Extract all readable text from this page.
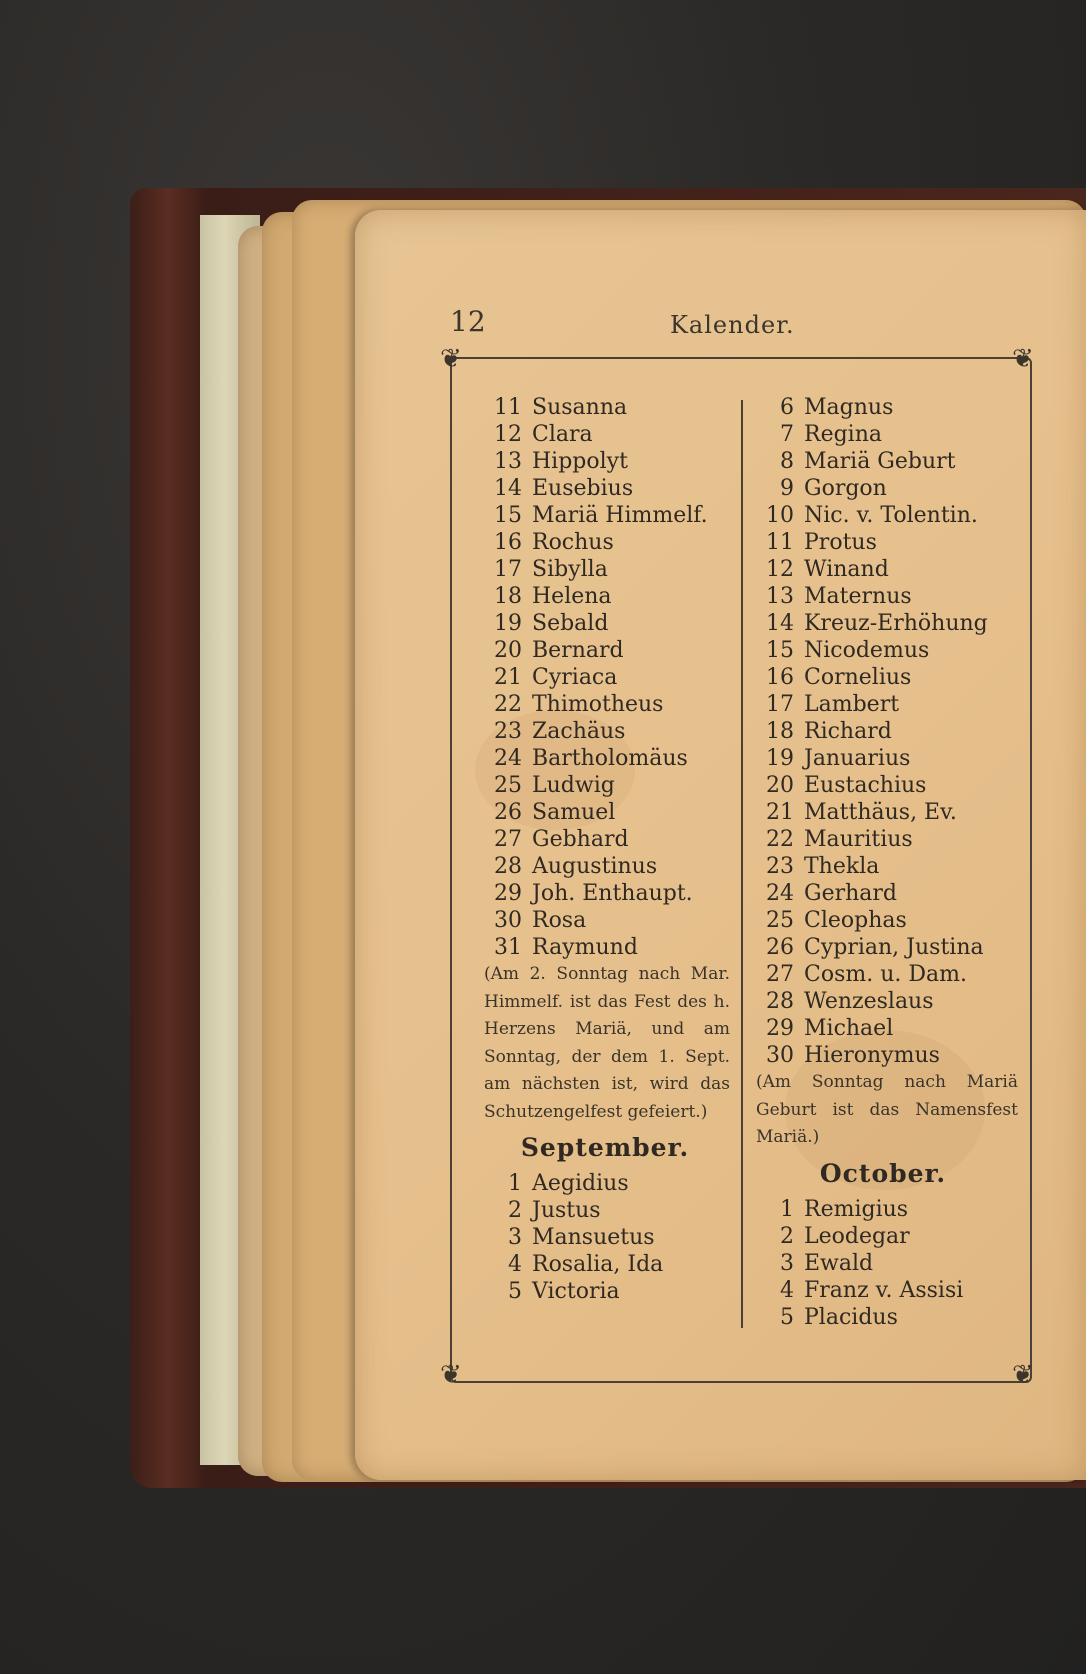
12	Kalender.
❦	❦
❦	❦
11 Susanna
12 Clara
13 Hippolyt
14 Eusebius
15 Mariä Himmelf.
16 Rochus
17 Sibylla
18 Helena
19 Sebald
20 Bernard
21 Cyriaca
22 Thimotheus
23 Zachäus
24 Bartholomäus
25 Ludwig
26 Samuel
27 Gebhard
28 Augustinus
29 Joh. Enthaupt.
30 Rosa
31 Raymund
(Am 2. Sonntag nach Mar. Himmelf. ist das Fest des h. Herzens Mariä, und am Sonntag, der dem 1. Sept. am nächsten ist, wird das Schutzengelfest gefeiert.)
September.
1 Aegidius
2 Justus
3 Mansuetus
4 Rosalia, Ida
5 Victoria
6 Magnus
7 Regina
8 Mariä Geburt
9 Gorgon
10 Nic. v. Tolentin.
11 Protus
12 Winand
13 Maternus
14 Kreuz-Erhöhung
15 Nicodemus
16 Cornelius
17 Lambert
18 Richard
19 Januarius
20 Eustachius
21 Matthäus, Ev.
22 Mauritius
23 Thekla
24 Gerhard
25 Cleophas
26 Cyprian, Justina
27 Cosm. u. Dam.
28 Wenzeslaus
29 Michael
30 Hieronymus
(Am Sonntag nach Mariä Geburt ist das Namensfest Mariä.)
October.
1 Remigius
2 Leodegar
3 Ewald
4 Franz v. Assisi
5 Placidus
